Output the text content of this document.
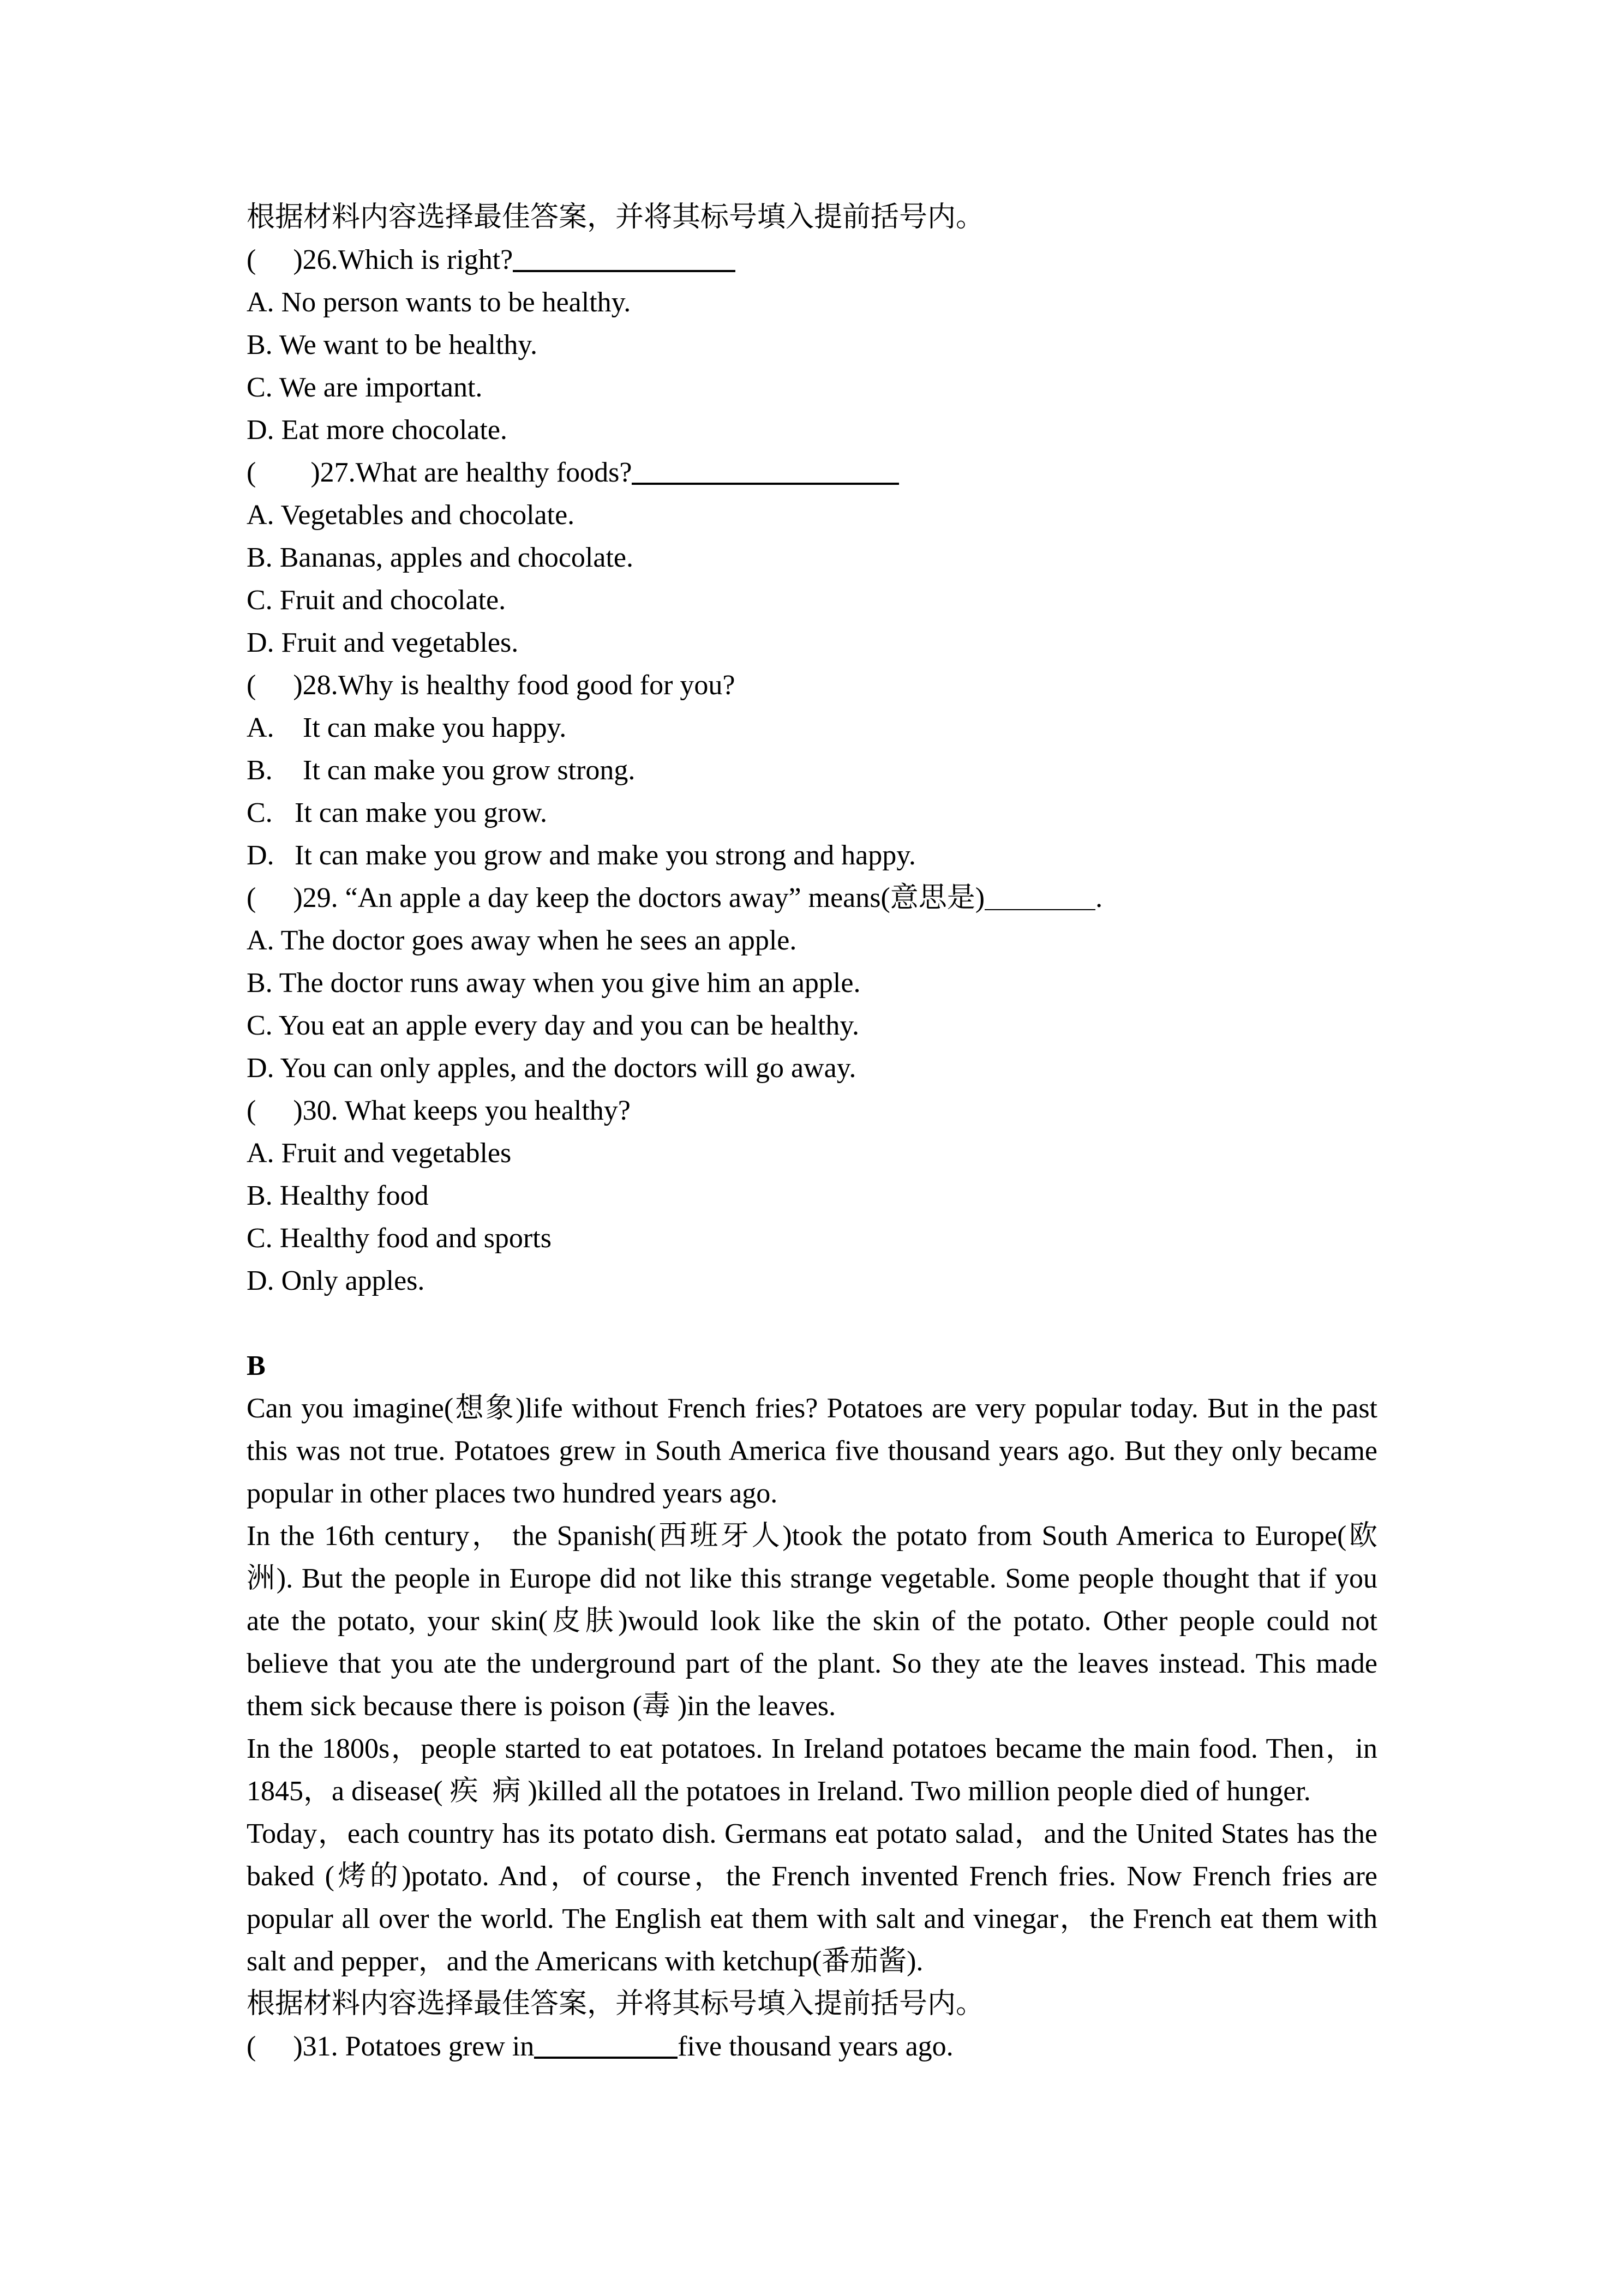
根据材料内容选择最佳答案，并将其标号填入提前括号内。
( )26.Which is right?
A. No person wants to be healthy.
B. We want to be healthy.
C. We are important.
D. Eat more chocolate.
( )27.What are healthy foods?
A. Vegetables and chocolate.
B. Bananas, apples and chocolate.
C. Fruit and chocolate.
D. Fruit and vegetables.
( )28.Why is healthy food good for you?
A. It can make you happy.
B. It can make you grow strong.
C. It can make you grow.
D. It can make you grow and make you strong and happy.
( )29. “An apple a day keep the doctors away” means(意思是)	.
A. The doctor goes away when he sees an apple.
B. The doctor runs away when you give him an apple.
C. You eat an apple every day and you can be healthy.
D. You can only apples, and the doctors will go away.
( )30. What keeps you healthy?
A. Fruit and vegetables
B. Healthy food
C. Healthy food and sports
D. Only apples.
B
Can you imagine(想象)life without French fries? Potatoes are very popular today. But in the past
this was not true. Potatoes grew in South America five thousand years ago. But they only became
popular in other places two hundred years ago.
In the 16th century， the Spanish(西班牙人)took the potato from South America to Europe(欧
洲). But the people in Europe did not like this strange vegetable. Some people thought that if you
ate the potato, your skin(皮肤)would look like the skin of the potato. Other people could not
believe that you ate the underground part of the plant. So they ate the leaves instead. This made
them sick because there is poison (毒 )in the leaves.
In the 1800s，people started to eat potatoes. In Ireland potatoes became the main food. Then，in
1845，a disease( 疾  病 )killed all the potatoes in Ireland. Two million people died of hunger.
Today，each country has its potato dish. Germans eat potato salad，and the United States has the
baked (烤的)potato. And，of course，the French invented French fries. Now French fries are
popular all over the world. The English eat them with salt and vinegar，the French eat them with
salt and pepper，and the Americans with ketchup(番茄酱).
根据材料内容选择最佳答案，并将其标号填入提前括号内。
( )31. Potatoes grew in	five thousand years ago.
